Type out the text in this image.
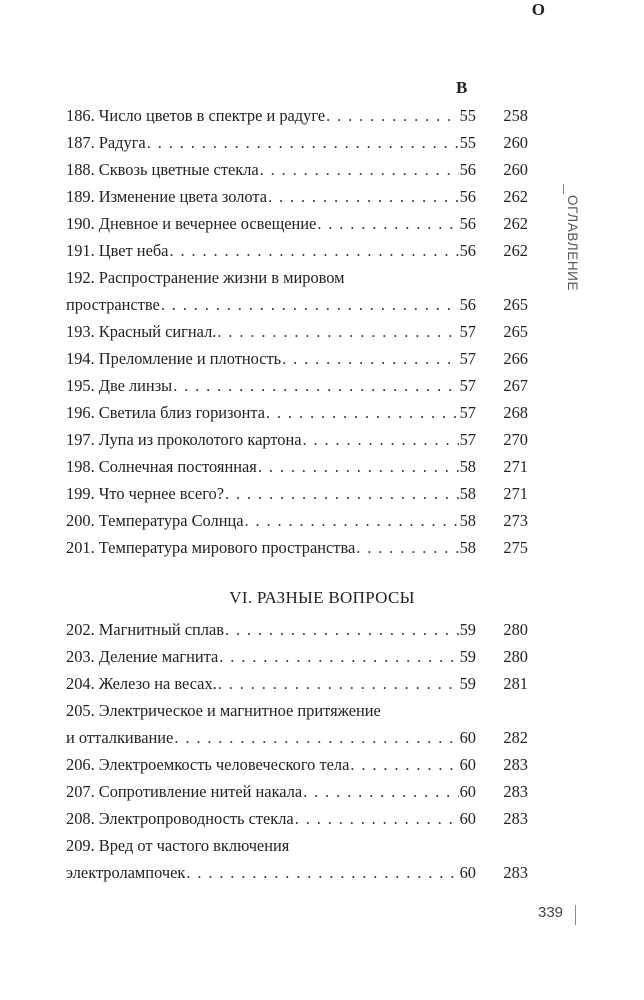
В
О
186. Число цветов в спектре и радуге . . .	55	258
187. Радуга . . .	55	260
188. Сквозь цветные стекла . . .	56	260
189. Изменение цвета золота . . .	56	262
190. Дневное и вечернее освещение . . .	56	262
191. Цвет неба . . .	56	262
192. Распространение жизни в мировом
пространстве . . .	56	265
193. Красный сигнал. . . .	57	265
194. Преломление и плотность . . .	57	266
195. Две линзы . . .	57	267
196. Светила близ горизонта . . .	57	268
197. Лупа из проколотого картона . . .	57	270
198. Солнечная постоянная . . .	58	271
199. Что чернее всего? . . .	58	271
200. Температура Солнца . . .	58	273
201. Температура мирового пространства . . .	58	275
VI. РАЗНЫЕ ВОПРОСЫ
202. Магнитный сплав . . .	59	280
203. Деление магнита . . .	59	280
204. Железо на весах. . . .	59	281
205. Электрическое и магнитное притяжение
и отталкивание . . .	60	282
206. Электроемкость человеческого тела . . .	60	283
207. Сопротивление нитей накала . . .	60	283
208. Электропроводность стекла . . .	60	283
209. Вред от частого включения
электролампочек . . .	60	283
ОГЛАВЛЕНИЕ
339
